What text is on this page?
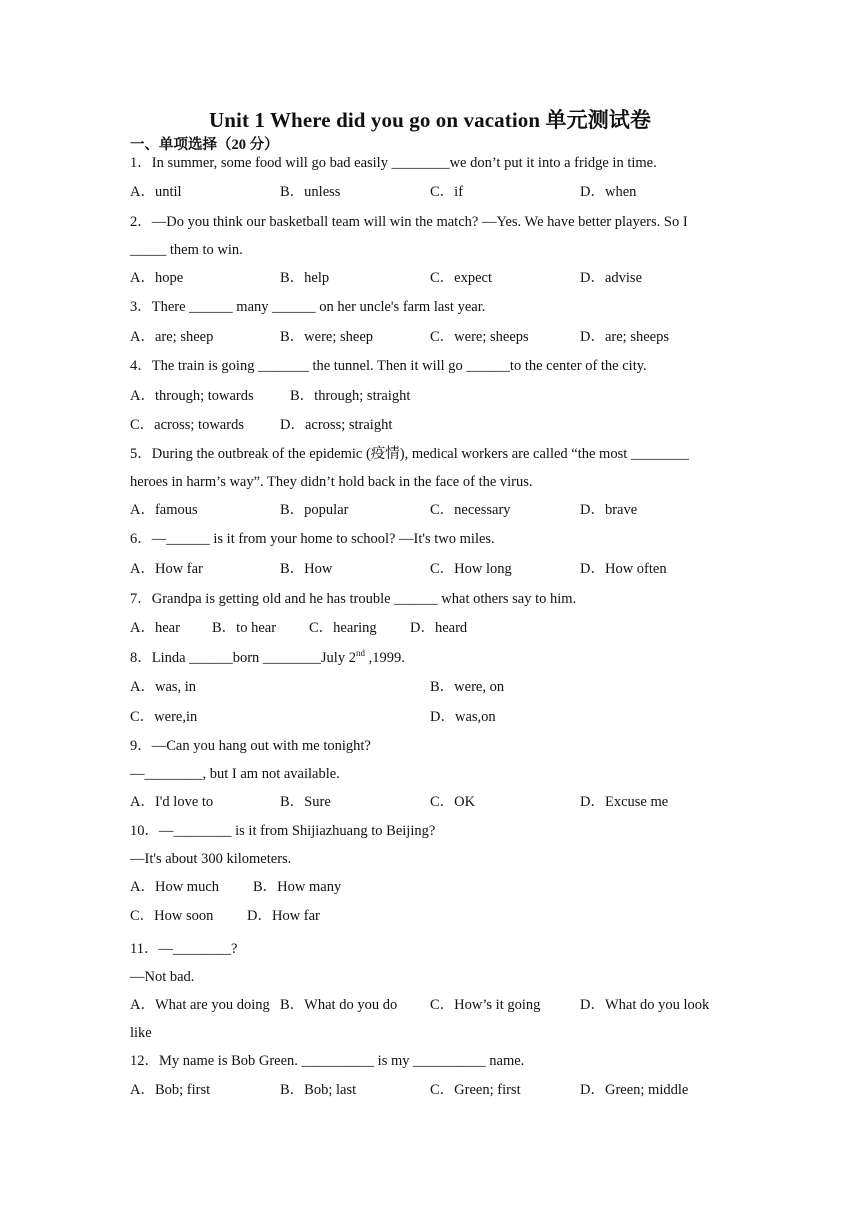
Unit 1 Where did you go on vacation 单元测试卷
一、单项选择（20 分）
1．In summer, some food will go bad easily ________we don’t put it into a fridge in time.
A．until	B．unless	C．if	D．when
2．—Do you think our basketball team will win the match? —Yes. We have better players. So I
_____ them to win.
A．hope	B．help	C．expect	D．advise
3．There ______ many ______ on her uncle's farm last year.
A．are; sheep	B．were; sheep	C．were; sheeps	D．are; sheeps
4．The train is going _______ the tunnel. Then it will go ______to the center of the city.
A．through; towards	B．through; straight
C．across; towards D．across; straight
5．During the outbreak of the epidemic (疫情), medical workers are called “the most ________
heroes in harm’s way”. They didn’t hold back in the face of the virus.
A．famous	B．popular	C．necessary	D．brave
6．—______ is it from your home to school? —It's two miles.
A．How far	B．How	C．How long	D．How often
7．Grandpa is getting old and he has trouble ______ what others say to him.
A．hear B．to hear C．hearing D．heard
8．Linda ______born ________July 2nd ,1999.
A．was, in	B．were, on
C．were,in	D．was,on
9．—Can you hang out with me tonight?
—________, but I am not available.
A．I'd love to	B．Sure	C．OK	D．Excuse me
10．—________ is it from Shijiazhuang to Beijing?
—It's about 300 kilometers.
A．How much B．How many
C．How soon D．How far
11．—________?
—Not bad.
A．What are you doing B．What do you do C．How’s it going	D．What do you look
like
12．My name is Bob Green. __________ is my __________ name.
A．Bob; first	B．Bob; last	C．Green; first	D．Green; middle
